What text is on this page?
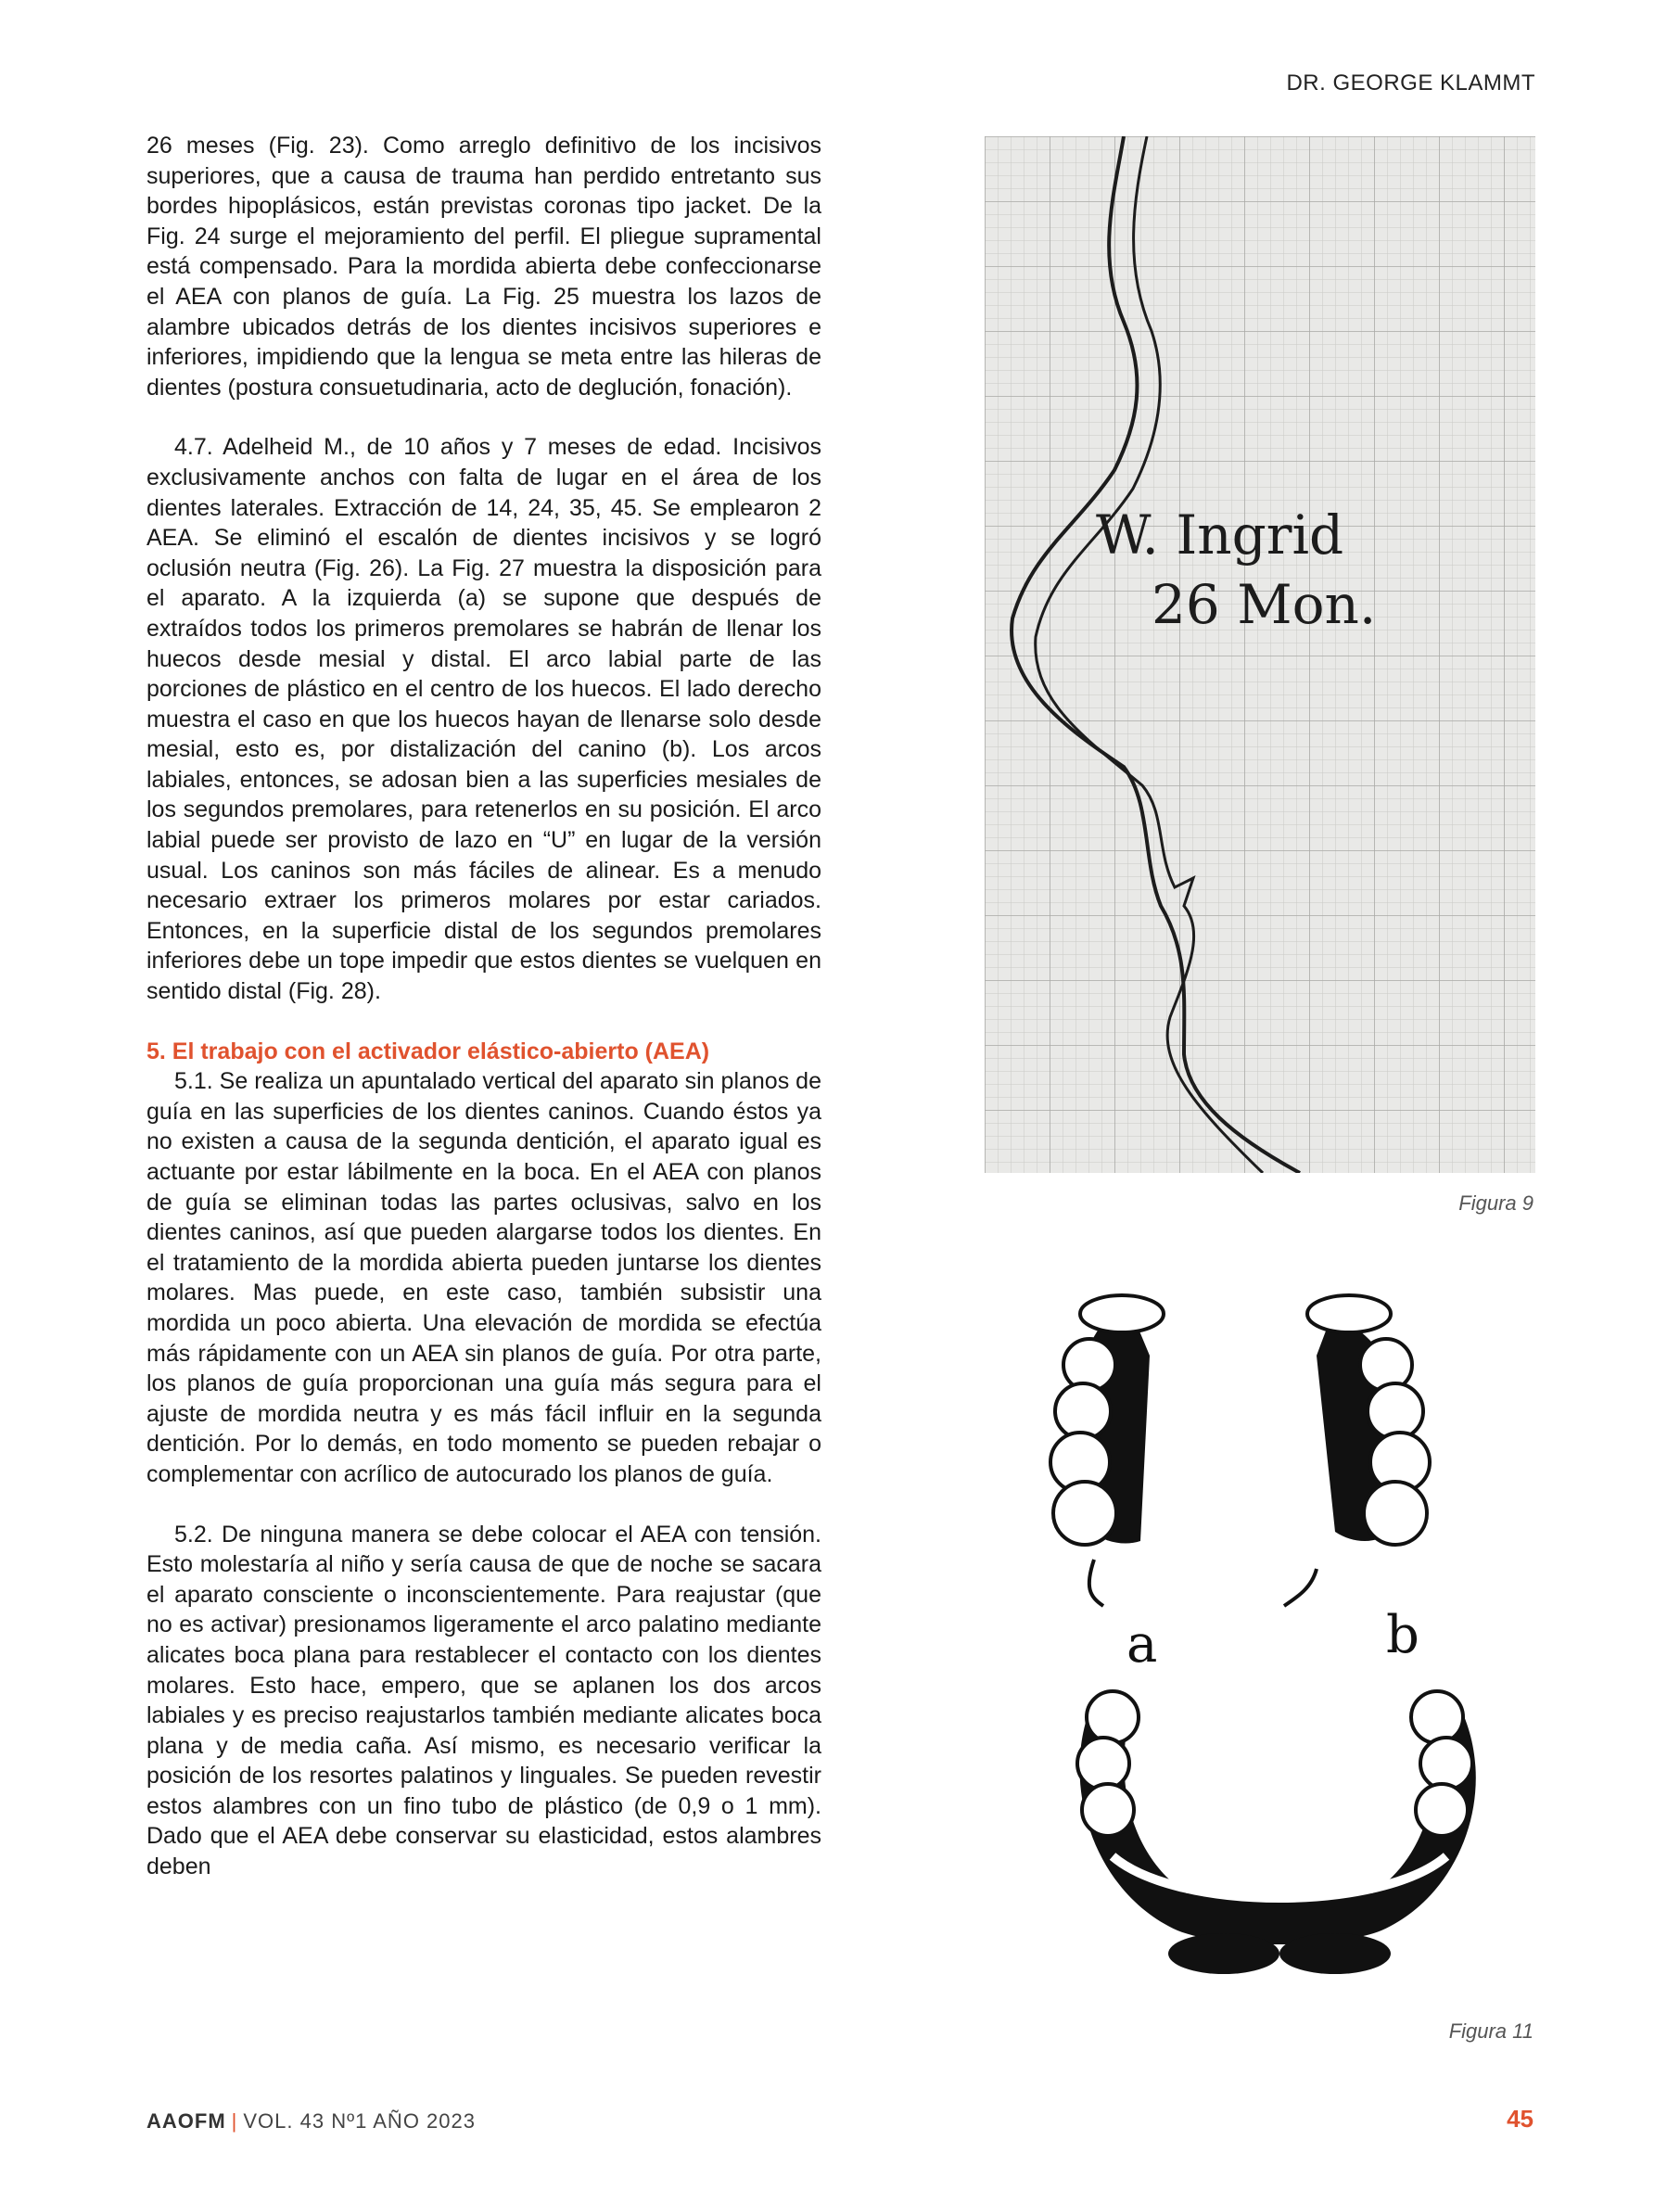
DR. GEORGE KLAMMT

26 meses (Fig. 23). Como arreglo definitivo de los incisivos superiores, que a causa de trauma han perdido entretanto sus bordes hipoplásicos, están previstas coronas tipo jacket. De la Fig. 24 surge el mejoramiento del perfil. El pliegue supramental está compensado. Para la mordida abierta debe confeccionarse el AEA con planos de guía. La Fig. 25 muestra los lazos de alambre ubicados detrás de los dientes incisivos superiores e inferiores, impidiendo que la lengua se meta entre las hileras de dientes (postura consuetudinaria, acto de deglución, fonación).

4.7. Adelheid M., de 10 años y 7 meses de edad. Incisivos exclusivamente anchos con falta de lugar en el área de los dientes laterales. Extracción de 14, 24, 35, 45. Se emplearon 2 AEA. Se eliminó el escalón de dientes incisivos y se logró oclusión neutra (Fig. 26). La Fig. 27 muestra la disposición para el aparato. A la izquierda (a) se supone que después de extraídos todos los primeros premolares se habrán de llenar los huecos desde mesial y distal. El arco labial parte de las porciones de plástico en el centro de los huecos. El lado derecho muestra el caso en que los huecos hayan de llenarse solo desde mesial, esto es, por distalización del canino (b). Los arcos labiales, entonces, se adosan bien a las superficies mesiales de los segundos premolares, para retenerlos en su posición. El arco labial puede ser provisto de lazo en “U” en lugar de la versión usual. Los caninos son más fáciles de alinear. Es a menudo necesario extraer los primeros molares por estar cariados. Entonces, en la superficie distal de los segundos premolares inferiores debe un tope impedir que estos dientes se vuelquen en sentido distal (Fig. 28).

5. El trabajo con el activador elástico-abierto (AEA)

5.1. Se realiza un apuntalado vertical del aparato sin planos de guía en las superficies de los dientes caninos. Cuando éstos ya no existen a causa de la segunda dentición, el aparato igual es actuante por estar lábilmente en la boca. En el AEA con planos de guía se eliminan todas las partes oclusivas, salvo en los dientes caninos, así que pueden alargarse todos los dientes. En el tratamiento de la mordida abierta pueden juntarse los dientes molares. Mas puede, en este caso, también subsistir una mordida un poco abierta. Una elevación de mordida se efectúa más rápidamente con un AEA sin planos de guía. Por otra parte, los planos de guía proporcionan una guía más segura para el ajuste de mordida neutra y es más fácil influir en la segunda dentición. Por lo demás, en todo momento se pueden rebajar o complementar con acrílico de autocurado los planos de guía.

5.2. De ninguna manera se debe colocar el AEA con tensión. Esto molestaría al niño y sería causa de que de noche se sacara el aparato consciente o inconscientemente. Para reajustar (que no es activar) presionamos ligeramente el arco palatino mediante alicates boca plana para restablecer el contacto con los dientes molares. Esto hace, empero, que se aplanen los dos arcos labiales y es preciso reajustarlos también mediante alicates boca plana y de media caña. Así mismo, es necesario verificar la posición de los resortes palatinos y linguales. Se pueden revestir estos alambres con un fino tubo de plástico (de 0,9 o 1 mm). Dado que el AEA debe conservar su elasticidad, estos alambres deben

W. Ingrid
26 Mon.
Figura 9
a	b
Figura 11
AAOFM | VOL. 43 Nº1 AÑO 2023	45
